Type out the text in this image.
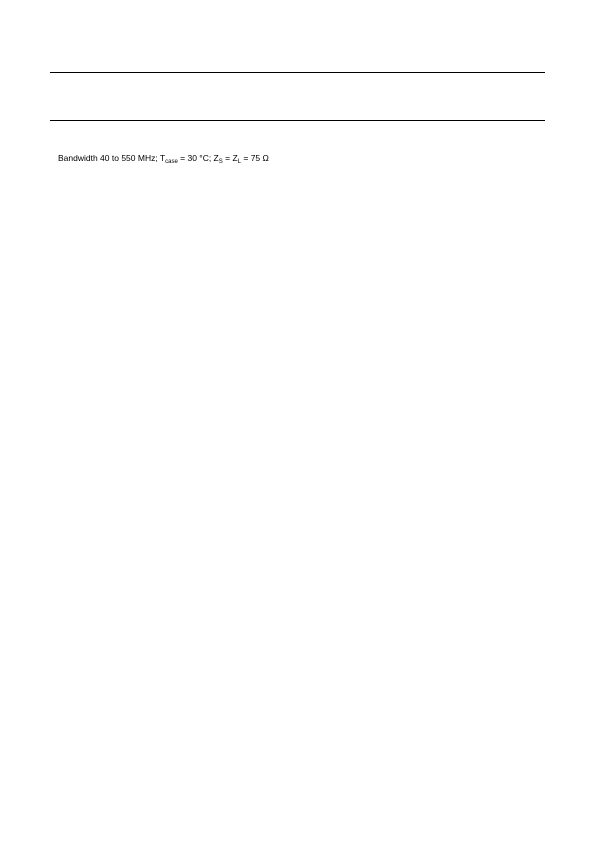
Bandwidth 40 to 550 MHz; $T_{case} = 30$ °C; $Z_S = Z_L = 75$ Ω
